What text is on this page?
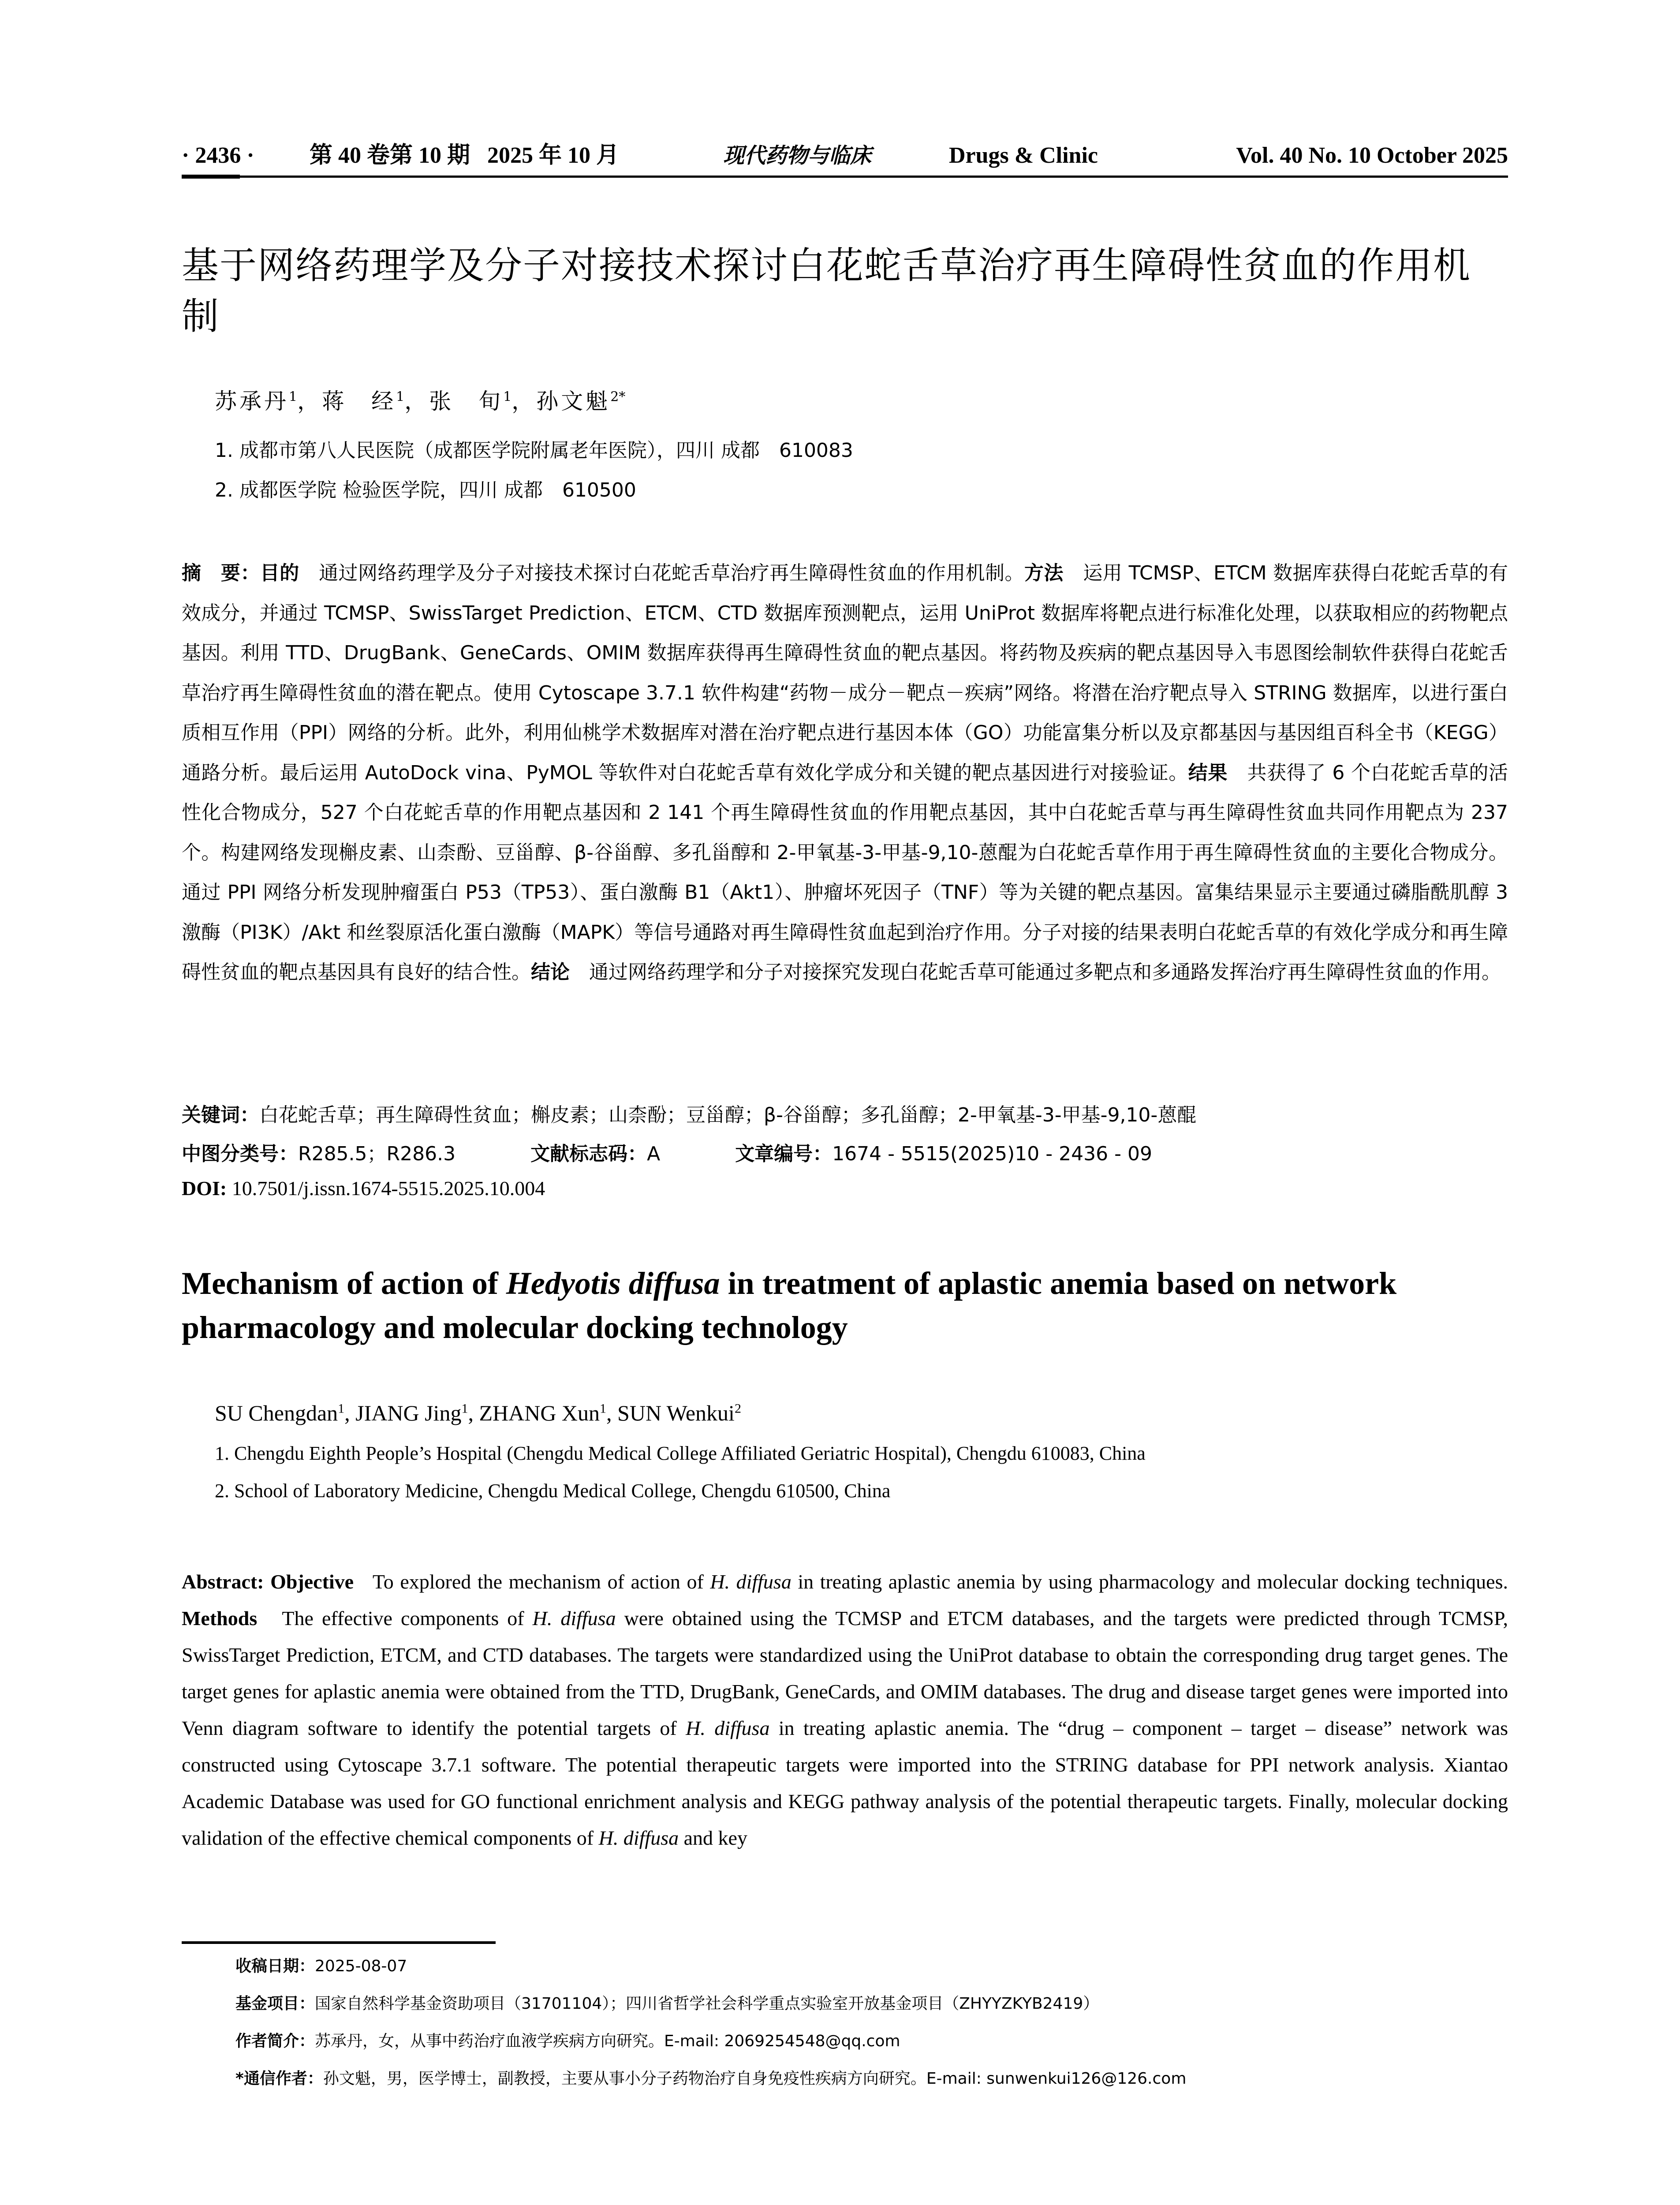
· 2436 · 第 40 卷第 10 期   2025 年 10 月	现代药物与临床	Drugs & Clinic	Vol. 40 No. 10 October 2025
基于网络药理学及分子对接技术探讨白花蛇舌草治疗再生障碍性贫血的作用机制
苏承丹$^1$，蒋　经$^1$，张　旬$^1$，孙文魁$^{2*}$
1. 成都市第八人民医院（成都医学院附属老年医院），四川 成都　610083
2. 成都医学院 检验医学院，四川 成都　610500
摘　要：目的　 通过网络药理学及分子对接技术探讨白花蛇舌草治疗再生障碍性贫血的作用机制。方法　 运用 TCMSP、ETCM 数据库获得白花蛇舌草的有效成分，并通过 TCMSP、SwissTarget Prediction、ETCM、CTD 数据库预测靶点，运用 UniProt 数据库将靶点进行标准化处理，以获取相应的药物靶点基因。利用 TTD、DrugBank、GeneCards、OMIM 数据库获得再生障碍性贫血的靶点基因。将药物及疾病的靶点基因导入韦恩图绘制软件获得白花蛇舌草治疗再生障碍性贫血的潜在靶点。使用 Cytoscape 3.7.1 软件构建“药物－成分－靶点－疾病”网络。将潜在治疗靶点导入 STRING 数据库，以进行蛋白质相互作用（PPI）网络的分析。此外，利用仙桃学术数据库对潜在治疗靶点进行基因本体（GO）功能富集分析以及京都基因与基因组百科全书（KEGG）通路分析。最后运用 AutoDock vina、PyMOL 等软件对白花蛇舌草有效化学成分和关键的靶点基因进行对接验证。结果　 共获得了 6 个白花蛇舌草的活性化合物成分，527 个白花蛇舌草的作用靶点基因和 2 141 个再生障碍性贫血的作用靶点基因，其中白花蛇舌草与再生障碍性贫血共同作用靶点为 237 个。构建网络发现槲皮素、山柰酚、豆甾醇、β-谷甾醇、多孔甾醇和 2-甲氧基-3-甲基-9,10-蒽醌为白花蛇舌草作用于再生障碍性贫血的主要化合物成分。通过 PPI 网络分析发现肿瘤蛋白 P53（TP53）、蛋白激酶 B1（Akt1）、肿瘤坏死因子（TNF）等为关键的靶点基因。富集结果显示主要通过磷脂酰肌醇 3 激酶（PI3K）/Akt 和丝裂原活化蛋白激酶（MAPK）等信号通路对再生障碍性贫血起到治疗作用。分子对接的结果表明白花蛇舌草的有效化学成分和再生障碍性贫血的靶点基因具有良好的结合性。结论　 通过网络药理学和分子对接探究发现白花蛇舌草可能通过多靶点和多通路发挥治疗再生障碍性贫血的作用。
关键词：白花蛇舌草；再生障碍性贫血；槲皮素；山柰酚；豆甾醇；β-谷甾醇；多孔甾醇；2-甲氧基-3-甲基-9,10-蒽醌
中图分类号：R285.5；R286.3	文献标志码：A	文章编号：1674 - 5515(2025)10 - 2436 - 09
DOI: 10.7501/j.issn.1674-5515.2025.10.004
Mechanism of action of Hedyotis diffusa in treatment of aplastic anemia based on network pharmacology and molecular docking technology
SU Chengdan$^1$, JIANG Jing$^1$, ZHANG Xun$^1$, SUN Wenkui$^2$
1. Chengdu Eighth People’s Hospital (Chengdu Medical College Affiliated Geriatric Hospital), Chengdu 610083, China
2. School of Laboratory Medicine, Chengdu Medical College, Chengdu 610500, China
Abstract: Objective To explored the mechanism of action of H. diffusa in treating aplastic anemia by using pharmacology and molecular docking techniques. Methods The effective components of H. diffusa were obtained using the TCMSP and ETCM databases, and the targets were predicted through TCMSP, SwissTarget Prediction, ETCM, and CTD databases. The targets were standardized using the UniProt database to obtain the corresponding drug target genes. The target genes for aplastic anemia were obtained from the TTD, DrugBank, GeneCards, and OMIM databases. The drug and disease target genes were imported into Venn diagram software to identify the potential targets of H. diffusa in treating aplastic anemia. The “drug – component – target – disease” network was constructed using Cytoscape 3.7.1 software. The potential therapeutic targets were imported into the STRING database for PPI network analysis. Xiantao Academic Database was used for GO functional enrichment analysis and KEGG pathway analysis of the potential therapeutic targets. Finally, molecular docking validation of the effective chemical components of H. diffusa and key
收稿日期：2025-08-07
基金项目：国家自然科学基金资助项目（31701104）；四川省哲学社会科学重点实验室开放基金项目（ZHYYZKYB2419）
作者简介：苏承丹，女，从事中药治疗血液学疾病方向研究。E-mail: 2069254548@qq.com
*通信作者：孙文魁，男，医学博士，副教授，主要从事小分子药物治疗自身免疫性疾病方向研究。E-mail: sunwenkui126@126.com
